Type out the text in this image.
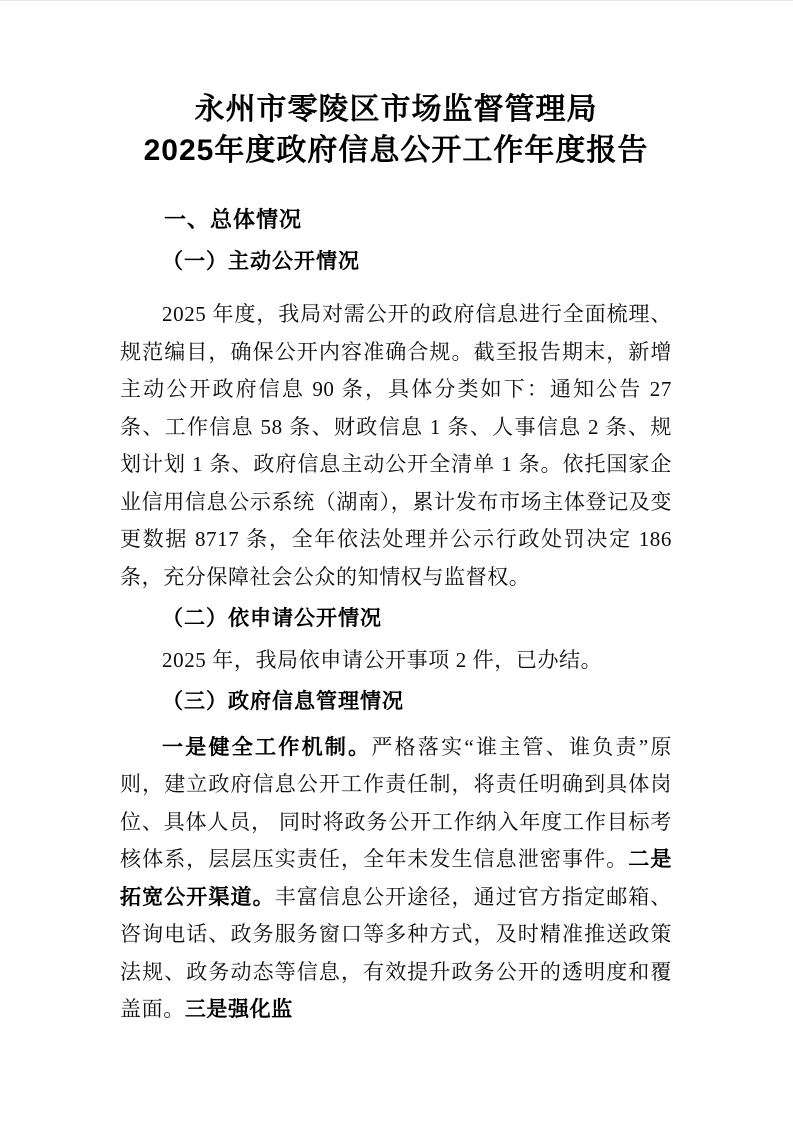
永州市零陵区市场监督管理局
2025年度政府信息公开工作年度报告
一、总体情况
（一）主动公开情况

2025 年度，我局对需公开的政府信息进行全面梳理、规范编目，确保公开内容准确合规。截至报告期末，新增主动公开政府信息 90 条，具体分类如下：通知公告 27 条、工作信息 58 条、财政信息 1 条、人事信息 2 条、规划计划 1 条、政府信息主动公开全清单 1 条。依托国家企业信用信息公示系统（湖南），累计发布市场主体登记及变更数据 8717 条，全年依法处理并公示行政处罚决定 186 条，充分保障社会公众的知情权与监督权。

（二）依申请公开情况

2025 年，我局依申请公开事项 2 件，已办结。

（三）政府信息管理情况

一是健全工作机制。严格落实“谁主管、谁负责”原则，建立政府信息公开工作责任制，将责任明确到具体岗位、具体人员， 同时将政务公开工作纳入年度工作目标考核体系，层层压实责任，全年未发生信息泄密事件。二是拓宽公开渠道。丰富信息公开途径，通过官方指定邮箱、咨询电话、政务服务窗口等多种方式，及时精准推送政策法规、政务动态等信息，有效提升政务公开的透明度和覆盖面。三是强化监
